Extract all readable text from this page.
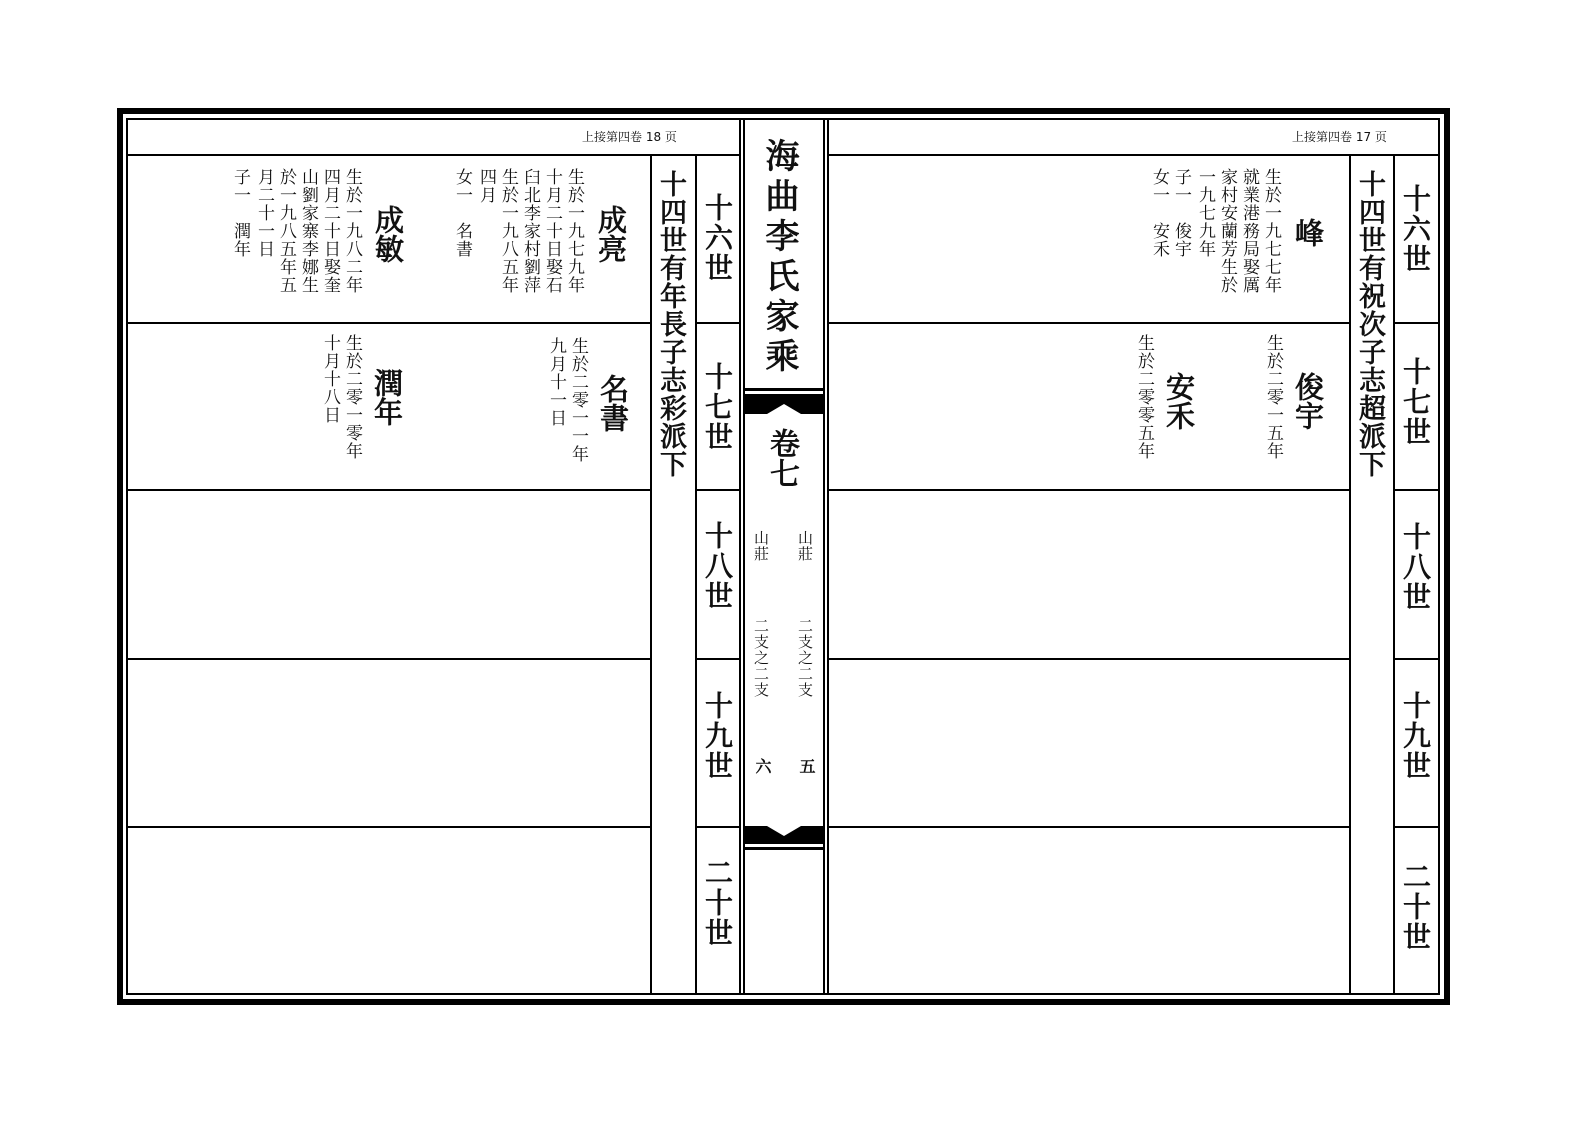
海曲李氏家乘
卷七
山莊
山莊
二支之二支
二支之二支
五
六
上接第四卷 18 页	上接第四卷 17 页
十四世有年長子志彩派下	十四世有祝次子志超派下
十六世
十七世
十八世
十九世
二十世
十六世
十七世
十八世
十九世
二十世
峰
生於一九七七年
就業港務局娶厲
家村安蘭芳生於
一九七九年
子一　俊宇
女一　安禾
俊宇
生於二零一五年
安禾
生於二零零五年
成亮
生於一九七九年
十月二十日娶石
臼北李家村劉萍
生於一九八五年
四月
女一　名書
成敏
生於一九八二年
四月二十日娶奎
山劉家寨李娜生
於一九八五年五
月二十一日
子一　潤年
名書
生於二零一一年
九月十一日
潤年
生於二零一零年
十月十八日
